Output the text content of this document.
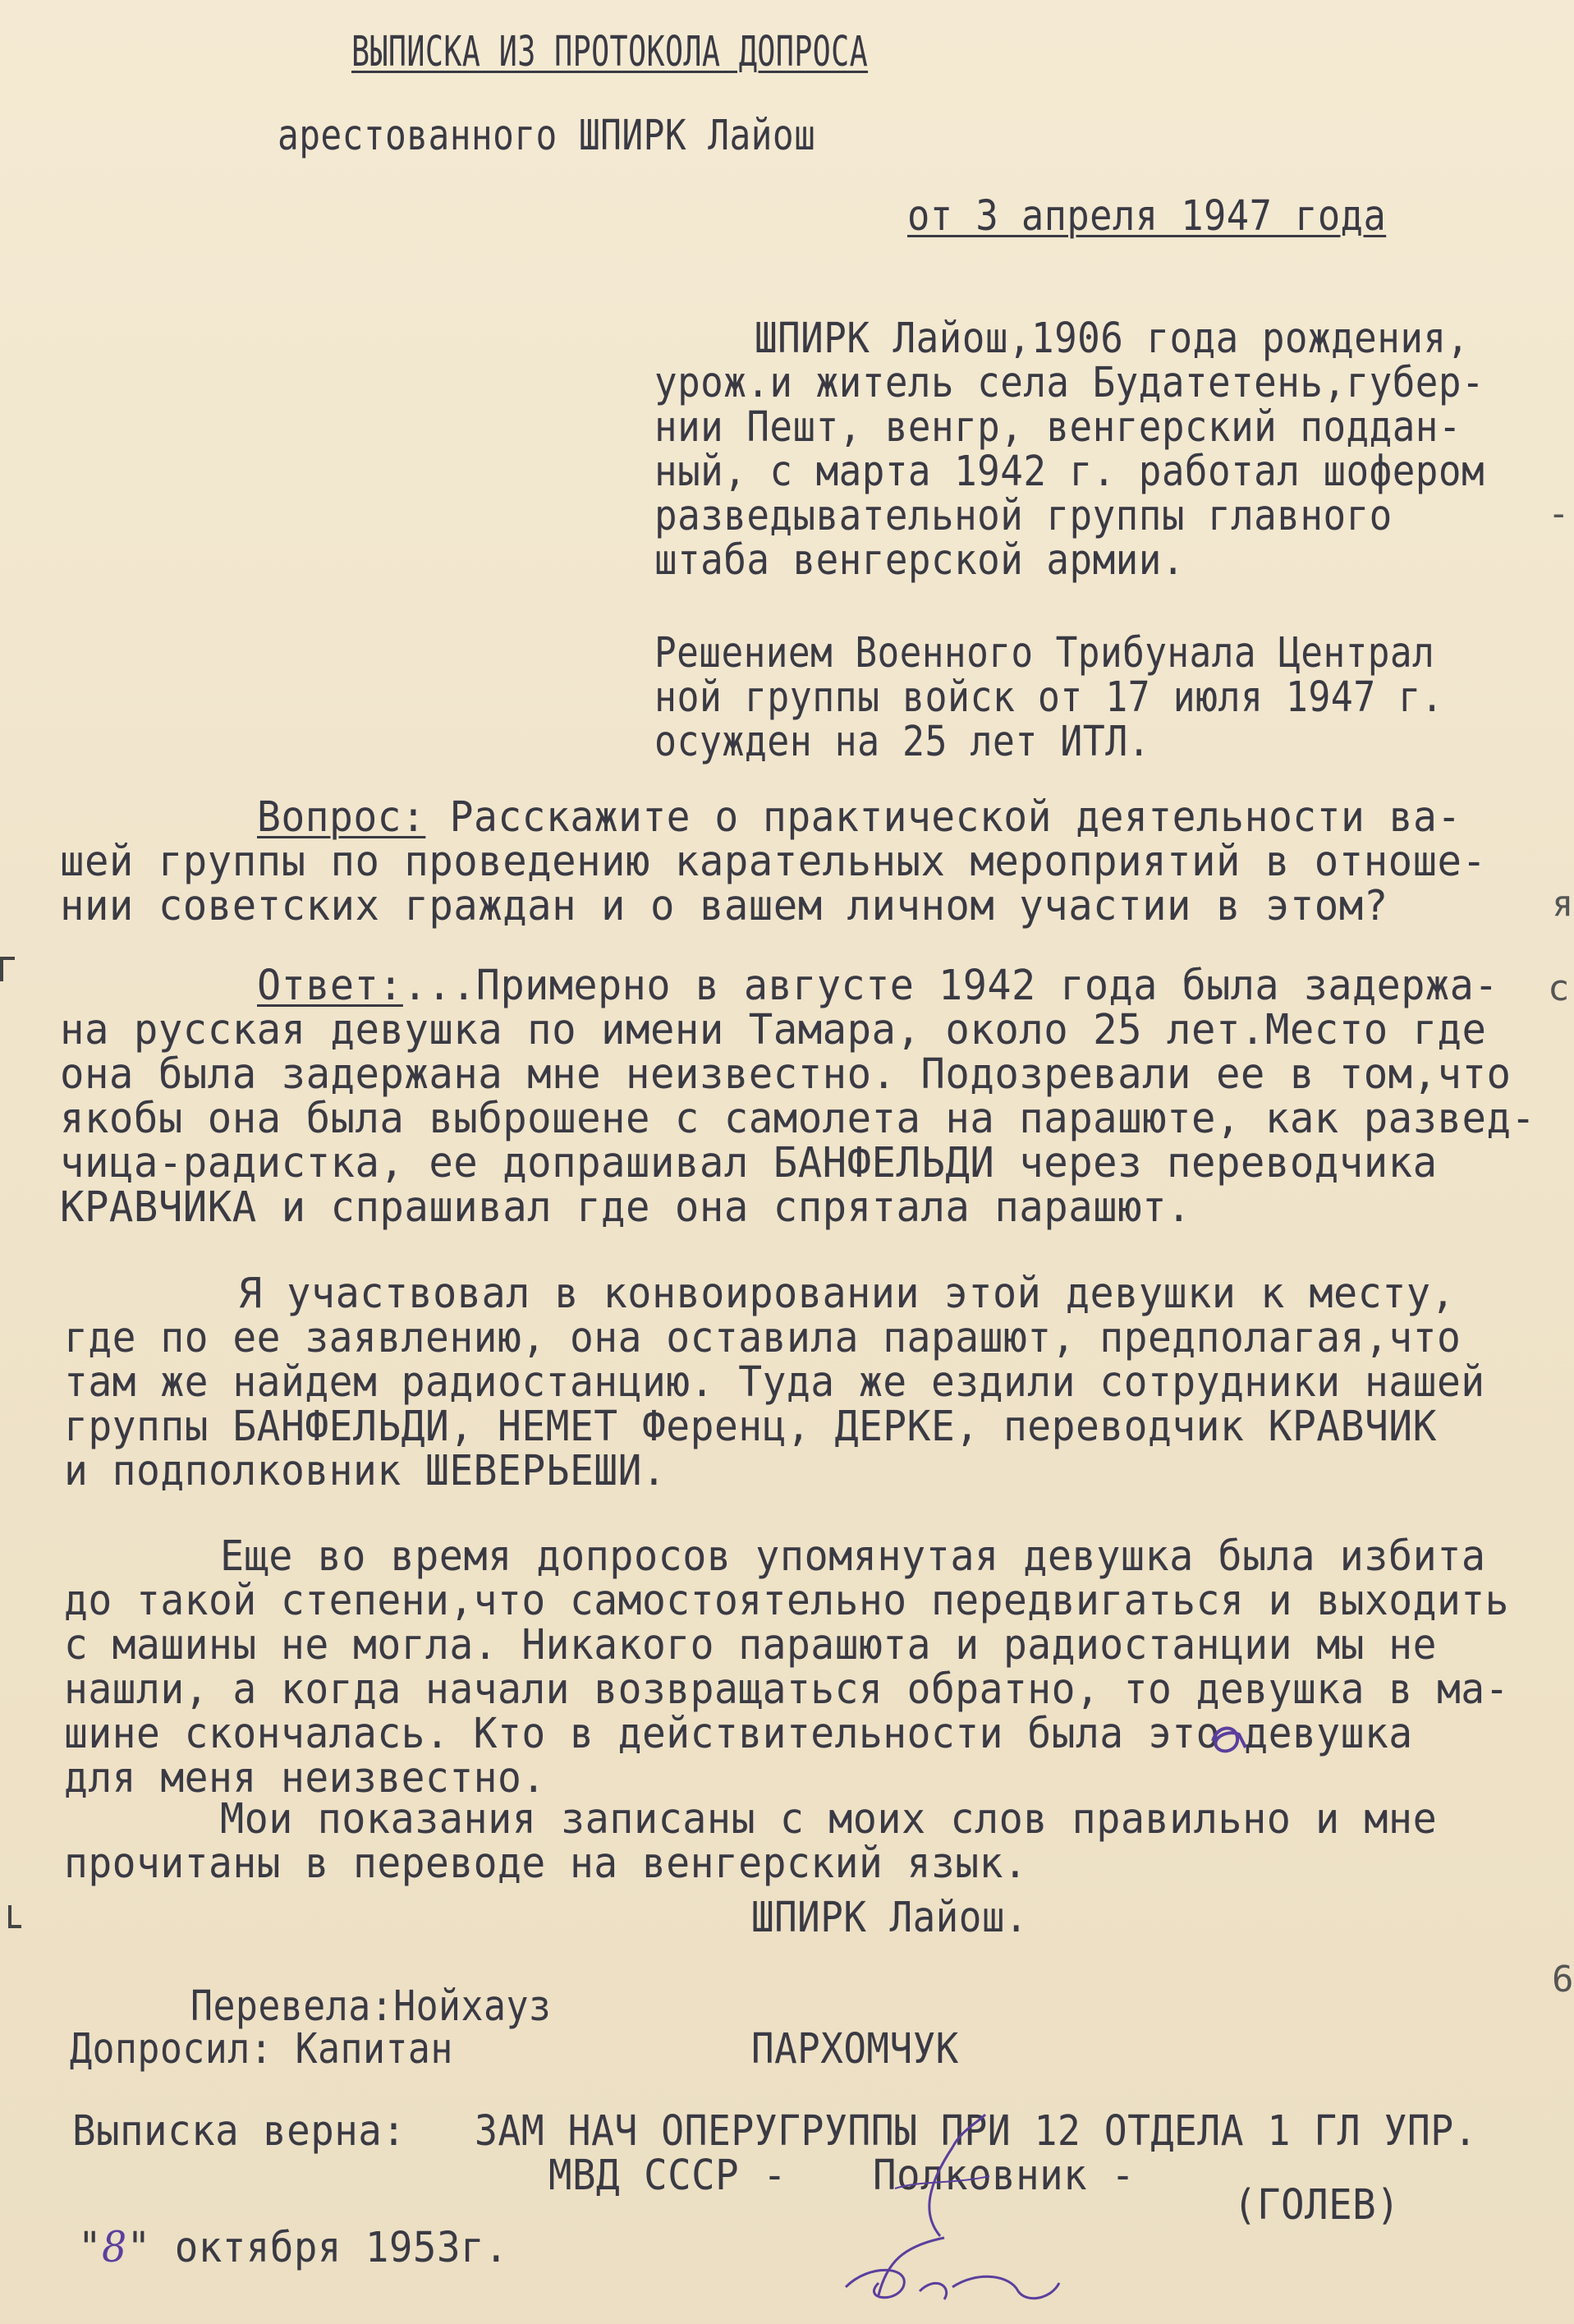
ВЫПИСКА ИЗ ПРОТОКОЛА ДОПРОСА
арестованного ШПИРК Лайош
от 3 апреля 1947 года
ШПИРК Лайош,1906 года рождения,
урож.и житель села Будатетень,губер-
нии Пешт, венгр, венгерский поддан-
ный, с марта 1942 г. работал шофером
разведывательной группы главного
штаба венгерской армии.
Решением Военного Трибунала Централ
ной группы войск от 17 июля 1947 г.
осужден на 25 лет ИТЛ.
Вопрос: Расскажите о практической деятельности ва-
шей группы по проведению карательных мероприятий в отноше-
нии советских граждан и о вашем личном участии в этом?
Ответ:...Примерно в августе 1942 года была задержа-
на русская девушка по имени Тамара, около 25 лет.Место где
она была задержана мне неизвестно. Подозревали ее в том,что
якобы она была выброшене с самолета на парашюте, как развед-
чица-радистка, ее допрашивал БАНФЕЛЬДИ через переводчика
КРАВЧИКА и спрашивал где она спрятала парашют.
Я участвовал в конвоировании этой девушки к месту,
где по ее заявлению, она оставила парашют, предполагая,что
там же найдем радиостанцию. Туда же ездили сотрудники нашей
группы БАНФЕЛЬДИ, НЕМЕТ Ференц, ДЕРКЕ, переводчик КРАВЧИК
и подполковник ШЕВЕРЬЕШИ.
Еще во время допросов упомянутая девушка была избита
до такой степени,что самостоятельно передвигаться и выходить
с машины не могла. Никакого парашюта и радиостанции мы не
нашли, а когда начали возвращаться обратно, то девушка в ма-
шине скончалась. Кто в действительности была это девушка
для меня неизвестно.
Мои показания записаны с моих слов правильно и мне
прочитаны в переводе на венгерский язык.
ШПИРК Лайош.
Перевела:Нойхауз
Допросил: Капитан	ПАРХОМЧУК
Выписка верна: ЗАМ НАЧ ОПЕРУГРУППЫ ПРИ 12 ОТДЕЛА 1 ГЛ УПР.
МВД СССР - Полковник -
(ГОЛЕВ)
"8" октября 1953г.
-
я
с
6
